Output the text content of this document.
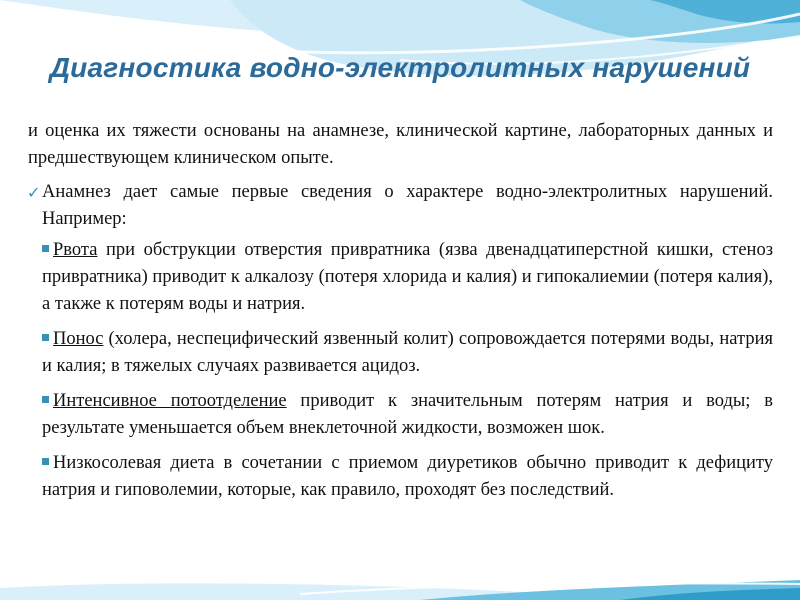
Диагностика водно-электролитных нарушений

и оценка их тяжести основаны на анамнезе, клинической картине, лабораторных данных и предшествующем клиническом опыте.

✓ Анамнез дает самые первые сведения о характере водно-электролитных нарушений. Например:

Рвота при обструкции отверстия привратника (язва двенадцатиперстной кишки, стеноз привратника) приводит к алкалозу (потеря хлорида и калия) и гипокалиемии (потеря калия), а также к потерям воды и натрия.

Понос (холера, неспецифический язвенный колит) сопровождается потерями воды, натрия и калия; в тяжелых случаях развивается ацидоз.

Интенсивное потоотделение приводит к значительным потерям натрия и воды; в результате уменьшается объем внеклеточной жидкости, возможен шок.

Низкосолевая диета в сочетании с приемом диуретиков обычно приводит к дефициту натрия и гиповолемии, которые, как правило, проходят без последствий.
